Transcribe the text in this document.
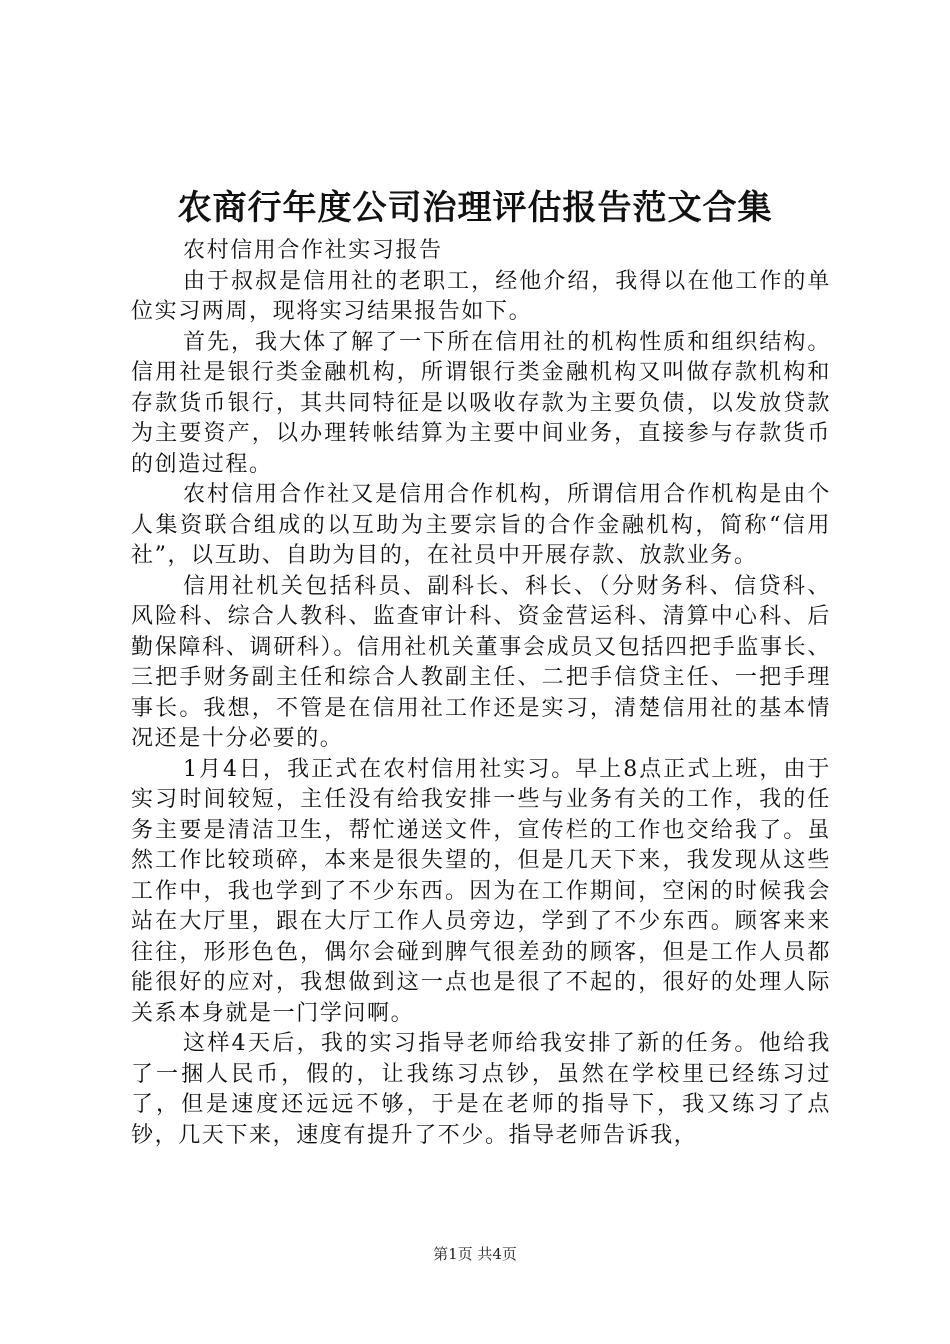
农商行年度公司治理评估报告范文合集

农村信用合作社实习报告

由于叔叔是信用社的老职工，经他介绍，我得以在他工作的单位实习两周，现将实习结果报告如下。

首先，我大体了解了一下所在信用社的机构性质和组织结构。信用社是银行类金融机构，所谓银行类金融机构又叫做存款机构和存款货币银行，其共同特征是以吸收存款为主要负债，以发放贷款为主要资产，以办理转帐结算为主要中间业务，直接参与存款货币的创造过程。

农村信用合作社又是信用合作机构，所谓信用合作机构是由个人集资联合组成的以互助为主要宗旨的合作金融机构，简称“信用社”，以互助、自助为目的，在社员中开展存款、放款业务。

信用社机关包括科员、副科长、科长、（分财务科、信贷科、风险科、综合人教科、监查审计科、资金营运科、清算中心科、后勤保障科、调研科）。信用社机关董事会成员又包括四把手监事长、三把手财务副主任和综合人教副主任、二把手信贷主任、一把手理事长。我想，不管是在信用社工作还是实习，清楚信用社的基本情况还是十分必要的。

1月4日，我正式在农村信用社实习。早上8点正式上班，由于实习时间较短，主任没有给我安排一些与业务有关的工作，我的任务主要是清洁卫生，帮忙递送文件，宣传栏的工作也交给我了。虽然工作比较琐碎，本来是很失望的，但是几天下来，我发现从这些工作中，我也学到了不少东西。因为在工作期间，空闲的时候我会站在大厅里，跟在大厅工作人员旁边，学到了不少东西。顾客来来往往，形形色色，偶尔会碰到脾气很差劲的顾客，但是工作人员都能很好的应对，我想做到这一点也是很了不起的，很好的处理人际关系本身就是一门学问啊。

这样4天后，我的实习指导老师给我安排了新的任务。他给我了一捆人民币，假的，让我练习点钞，虽然在学校里已经练习过了，但是速度还远远不够，于是在老师的指导下，我又练习了点钞，几天下来，速度有提升了不少。指导老师告诉我，

第1页 共4页
